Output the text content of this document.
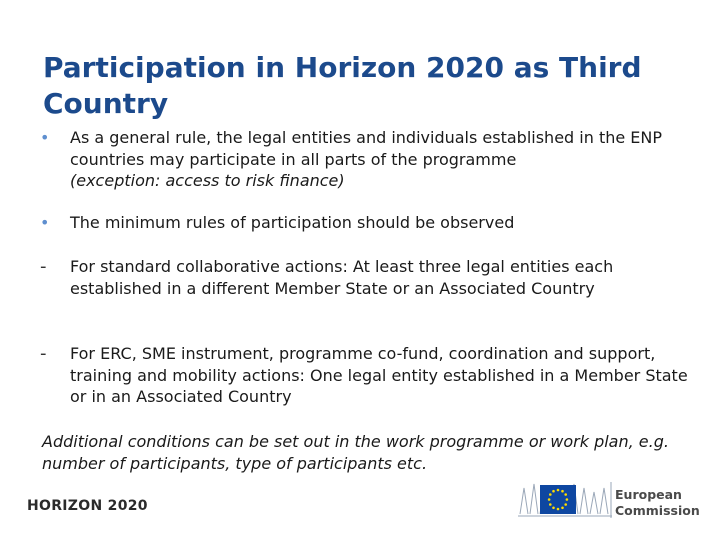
Participation in Horizon 2020 as Third Country
•	As a general rule, the legal entities and individuals established in the ENP countries may participate in all parts of the programme
(exception: access to risk finance)
•	The minimum rules of participation should be observed
-	For standard collaborative actions: At least three legal entities each established in a different Member State or an Associated Country
-	For ERC, SME instrument, programme co-fund, coordination and support, training and mobility actions: One legal entity established in a Member State or in an Associated Country
Additional conditions can be set out in the work programme or work plan, e.g. number of participants, type of participants etc.
HORIZON 2020
European
Commission
